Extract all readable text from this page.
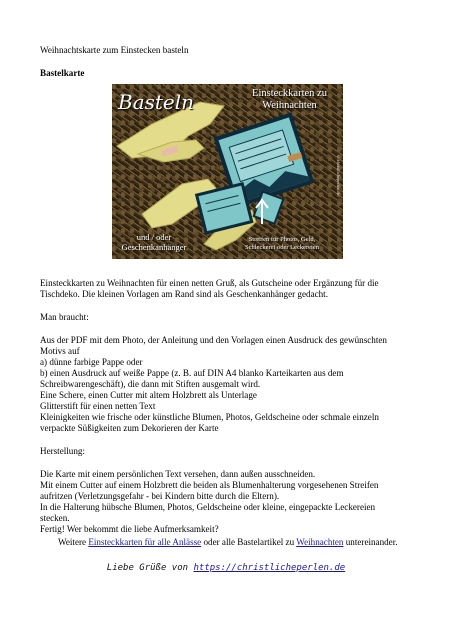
Weihnachtskarte zum Einstecken basteln
Bastelkarte
Basteln	Einsteckkarten zu
Weihnachten
und / oder
Geschenkanhänger
Streifen für Photos, Geld,
Schleckerei oder Leckereien
© christlicheperlen.de
Einsteckkarten zu Weihnachten für einen netten Gruß, als Gutscheine oder Ergänzung für die
Tischdeko. Die kleinen Vorlagen am Rand sind als Geschenkanhänger gedacht.
Man braucht:
Aus der PDF mit dem Photo, der Anleitung und den Vorlagen einen Ausdruck des gewünschten
Motivs auf
a) dünne farbige Pappe oder
b) einen Ausdruck auf weiße Pappe (z. B. auf DIN A4 blanko Karteikarten aus dem
Schreibwarengeschäft), die dann mit Stiften ausgemalt wird.
Eine Schere, einen Cutter mit altem Holzbrett als Unterlage
Glitterstift für einen netten Text
Kleinigkeiten wie frische oder künstliche Blumen, Photos, Geldscheine oder schmale einzeln
verpackte Süßigkeiten zum Dekorieren der Karte
Herstellung:
Die Karte mit einem persönlichen Text versehen, dann außen ausschneiden.
Mit einem Cutter auf einem Holzbrett die beiden als Blumenhalterung vorgesehenen Streifen
aufritzen (Verletzungsgefahr - bei Kindern bitte durch die Eltern).
In die Halterung hübsche Blumen, Photos, Geldscheine oder kleine, eingepackte Leckereien
stecken.
Fertig! Wer bekommt die liebe Aufmerksamkeit?
Weitere Einsteckkarten für alle Anlässe oder alle Bastelartikel zu Weihnachten untereinander.
Liebe Grüße von https://christlicheperlen.de
